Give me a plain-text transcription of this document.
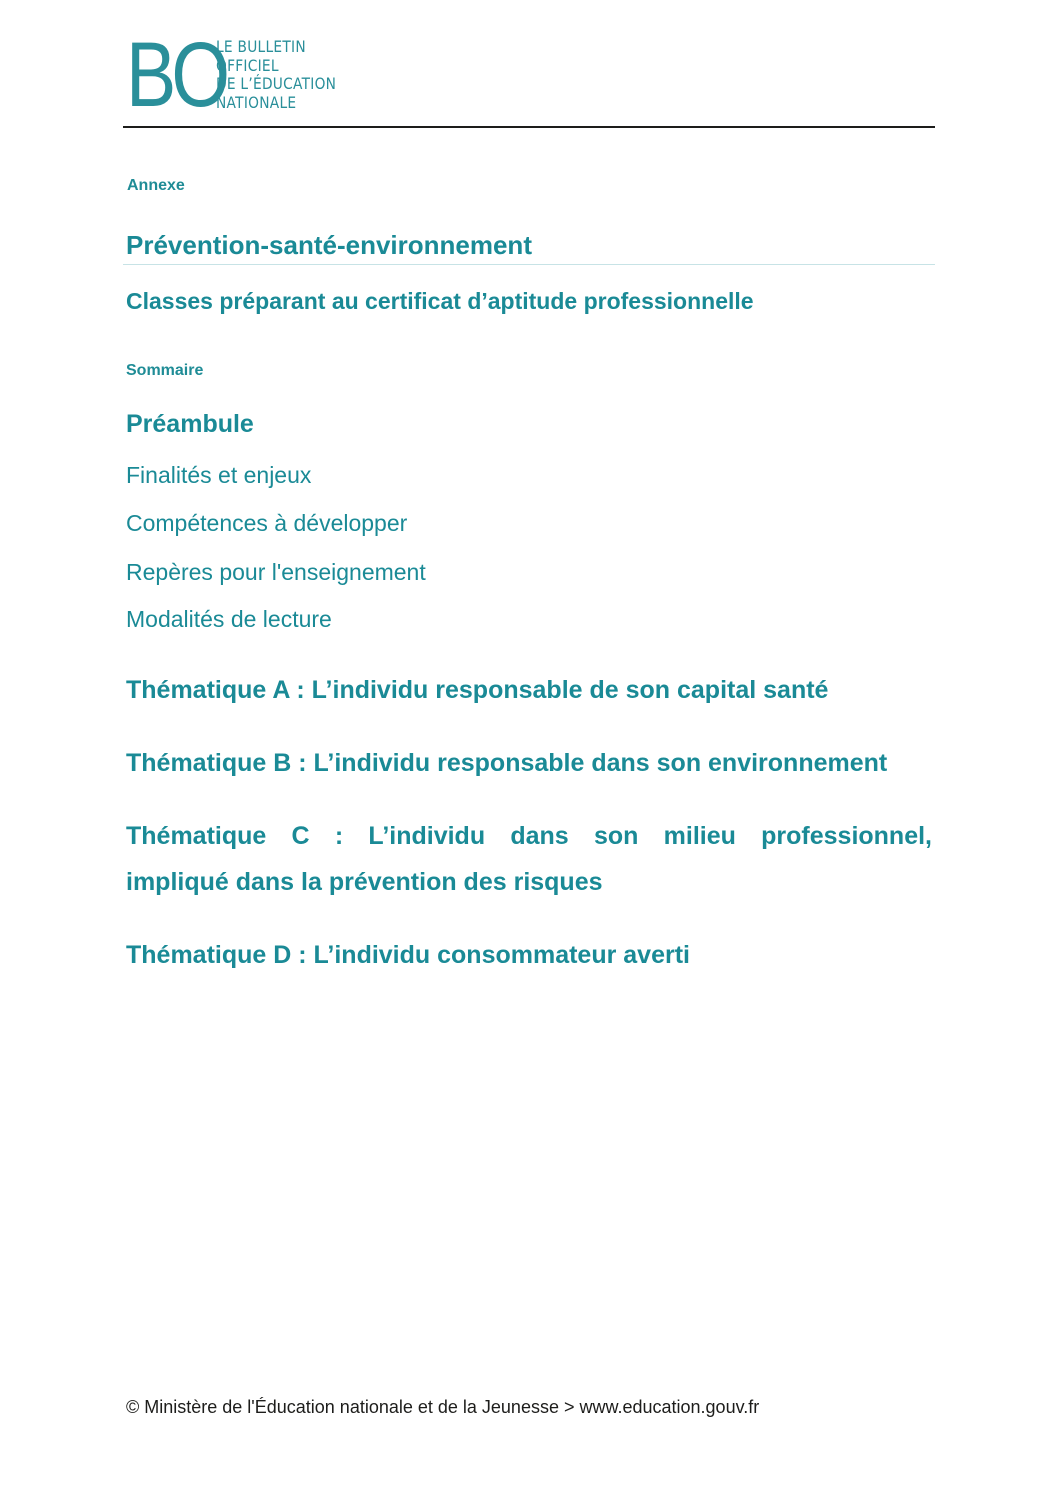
BO
LE BULLETIN
OFFICIEL
DE L’ÉDUCATION
NATIONALE
Annexe
Prévention-santé-environnement
Classes préparant au certificat d’aptitude professionnelle
Sommaire
Préambule
Finalités et enjeux
Compétences à développer
Repères pour l'enseignement
Modalités de lecture
Thématique A : L’individu responsable de son capital santé
Thématique B : L’individu responsable dans son environnement
Thématique C : L’individu dans son milieu professionnel,
impliqué dans la prévention des risques
Thématique D : L’individu consommateur averti
© Ministère de l'Éducation nationale et de la Jeunesse > www.education.gouv.fr
